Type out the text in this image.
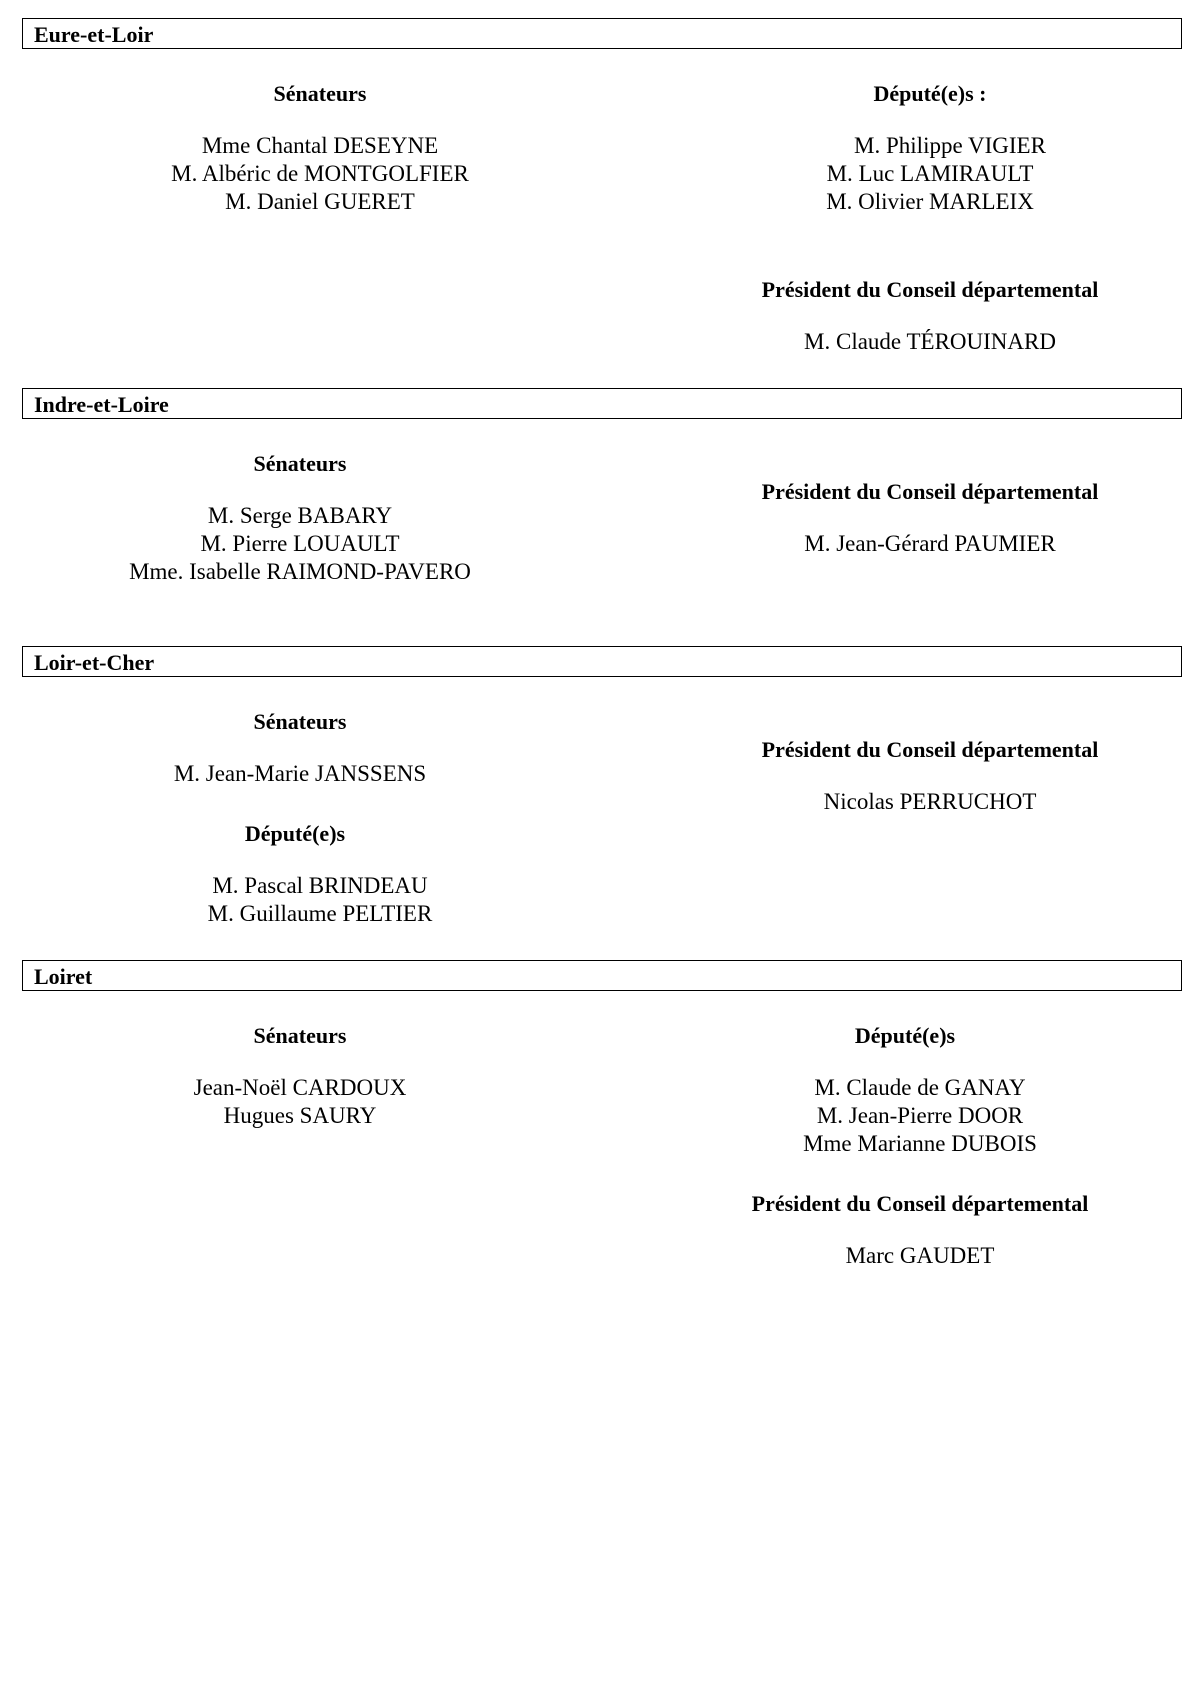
Eure-et-Loir
Sénateurs
Mme Chantal DESEYNE
M. Albéric de MONTGOLFIER
M. Daniel GUERET
Député(e)s :
M. Philippe VIGIER
M. Luc LAMIRAULT
M. Olivier MARLEIX
Président du Conseil départemental
M. Claude TÉROUINARD
Indre-et-Loire
Sénateurs
M. Serge BABARY
M. Pierre LOUAULT
Mme. Isabelle RAIMOND-PAVERO
Président du Conseil départemental
M. Jean-Gérard PAUMIER
Loir-et-Cher
Sénateurs
M. Jean-Marie JANSSENS
Député(e)s
M. Pascal BRINDEAU
M. Guillaume PELTIER
Président du Conseil départemental
Nicolas PERRUCHOT
Loiret
Sénateurs
Jean-Noël CARDOUX
Hugues SAURY
Député(e)s
M. Claude de GANAY
M. Jean-Pierre DOOR
Mme Marianne DUBOIS
Président du Conseil départemental
Marc GAUDET
